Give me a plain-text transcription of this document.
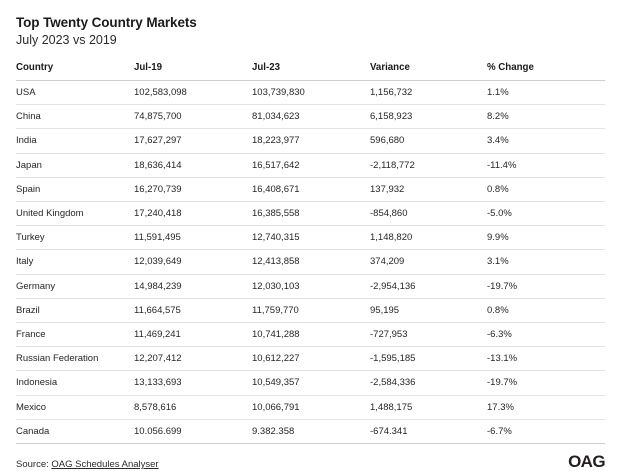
Top Twenty Country Markets
July 2023 vs 2019
Country	Jul-19	Jul-23	Variance	% Change
USA	102,583,098	103,739,830	1,156,732	1.1%
China	74,875,700	81,034,623	6,158,923	8.2%
India	17,627,297	18,223,977	596,680	3.4%
Japan	18,636,414	16,517,642	-2,118,772	-11.4%
Spain	16,270,739	16,408,671	137,932	0.8%
United Kingdom	17,240,418	16,385,558	-854,860	-5.0%
Turkey	11,591,495	12,740,315	1,148,820	9.9%
Italy	12,039,649	12,413,858	374,209	3.1%
Germany	14,984,239	12,030,103	-2,954,136	-19.7%
Brazil	11,664,575	11,759,770	95,195	0.8%
France	11,469,241	10,741,288	-727,953	-6.3%
Russian Federation	12,207,412	10,612,227	-1,595,185	-13.1%
Indonesia	13,133,693	10,549,357	-2,584,336	-19.7%
Mexico	8,578,616	10,066,791	1,488,175	17.3%
Canada	10.056.699	9.382.358	-674.341	-6.7%
Source: OAG Schedules Analyser	OAG
